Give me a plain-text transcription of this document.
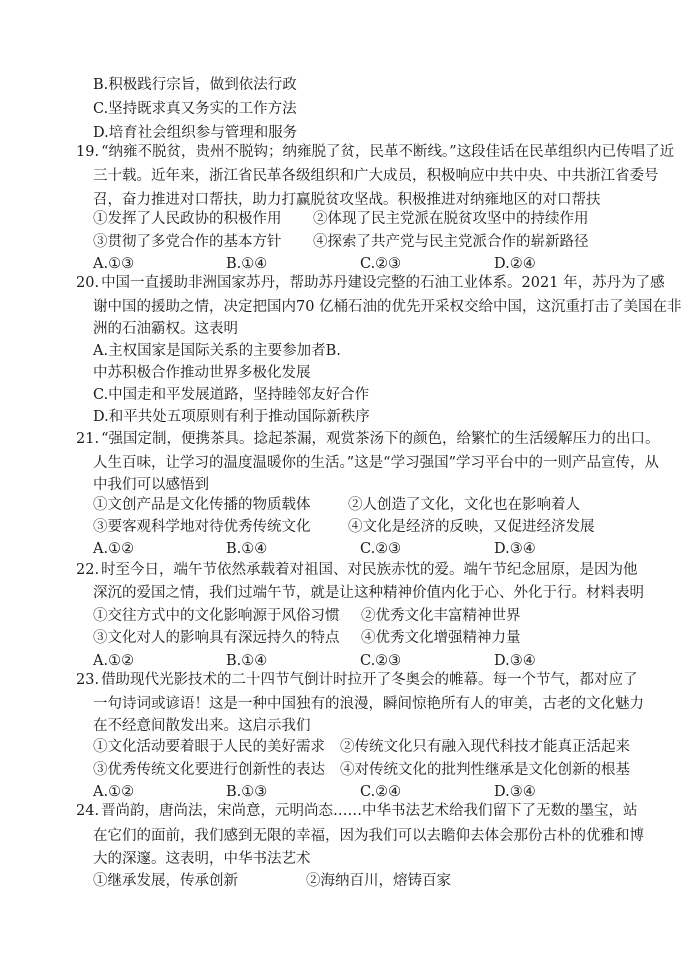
B.积极践行宗旨，做到依法行政
C.坚持既求真又务实的工作方法
D.培育社会组织参与管理和服务
19. “纳雍不脱贫，贵州不脱钩；纳雍脱了贫，民革不断线。”这段佳话在民革组织内已传唱了近
三十载。近年来，浙江省民革各级组织和广大成员，积极响应中共中央、中共浙江省委号
召，奋力推进对口帮扶，助力打赢脱贫攻坚战。积极推进对纳雍地区的对口帮扶
①发挥了人民政协的积极作用 ②体现了民主党派在脱贫攻坚中的持续作用
③贯彻了多党合作的基本方针 ④探索了共产党与民主党派合作的崭新路径
A.①③	B.①④	C.②③	D.②④
20. 中国一直援助非洲国家苏丹，帮助苏丹建设完整的石油工业体系。2021 年，苏丹为了感
谢中国的援助之情，决定把国内70 亿桶石油的优先开采权交给中国，这沉重打击了美国在非
洲的石油霸权。这表明
A.主权国家是国际关系的主要参加者B.
中苏积极合作推动世界多极化发展
C.中国走和平发展道路，坚持睦邻友好合作
D.和平共处五项原则有利于推动国际新秩序
21. “强国定制，便携茶具。捻起茶漏，观赏茶汤下的颜色，给繁忙的生活缓解压力的出口。
人生百味，让学习的温度温暖你的生活。”这是“学习强国”学习平台中的一则产品宣传，从
中我们可以感悟到
①文创产品是文化传播的物质载体	②人创造了文化，文化也在影响着人
③要客观科学地对待优秀传统文化	④文化是经济的反映，又促进经济发展
A.①②	B.①④	C.②③	D.③④
22. 时至今日，端午节依然承载着对祖国、对民族赤忱的爱。端午节纪念屈原，是因为他
深沉的爱国之情，我们过端午节，就是让这种精神价值内化于心、外化于行。材料表明
①交往方式中的文化影响源于风俗习惯 ②优秀文化丰富精神世界
③文化对人的影响具有深远持久的特点 ④优秀文化增强精神力量
A.①②	B.①④	C.②③	D.③④
23. 借助现代光影技术的二十四节气倒计时拉开了冬奥会的帷幕。每一个节气，都对应了
一句诗词或谚语！这是一种中国独有的浪漫，瞬间惊艳所有人的审美，古老的文化魅力
在不经意间散发出来。这启示我们
①文化活动要着眼于人民的美好需求 ②传统文化只有融入现代科技才能真正活起来
③优秀传统文化要进行创新性的表达 ④对传统文化的批判性继承是文化创新的根基
A.①②	B.①③	C.②④	D.③④
24. 晋尚韵，唐尚法，宋尚意，元明尚态……中华书法艺术给我们留下了无数的墨宝，站
在它们的面前，我们感到无限的幸福，因为我们可以去瞻仰去体会那份古朴的优雅和博
大的深邃。这表明，中华书法艺术
①继承发展，传承创新	②海纳百川，熔铸百家
